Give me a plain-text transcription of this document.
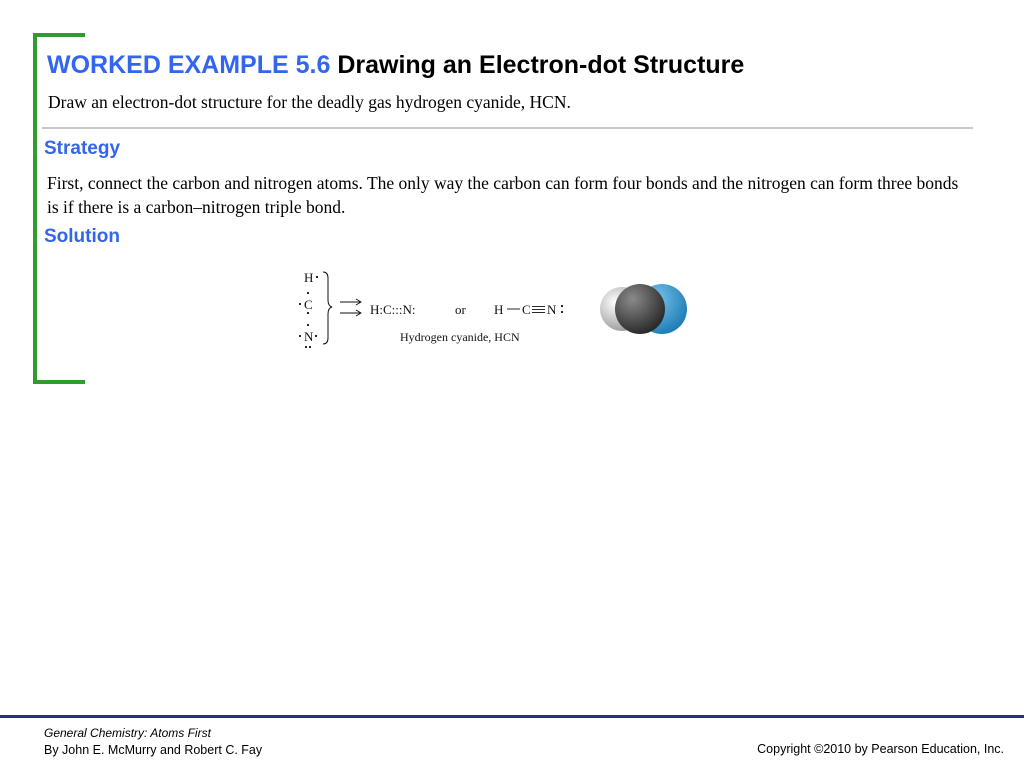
WORKED EXAMPLE 5.6 Drawing an Electron-dot Structure
Draw an electron-dot structure for the deadly gas hydrogen cyanide, HCN.
Strategy
First, connect the carbon and nitrogen atoms. The only way the carbon can form four bonds and the nitrogen can form three bonds is if there is a carbon–nitrogen triple bond.
Solution
H
C
N
H:C:::N:	or H C N
Hydrogen cyanide, HCN
General Chemistry: Atoms First
By John E. McMurry and Robert C. Fay	Copyright ©2010 by Pearson Education, Inc.
